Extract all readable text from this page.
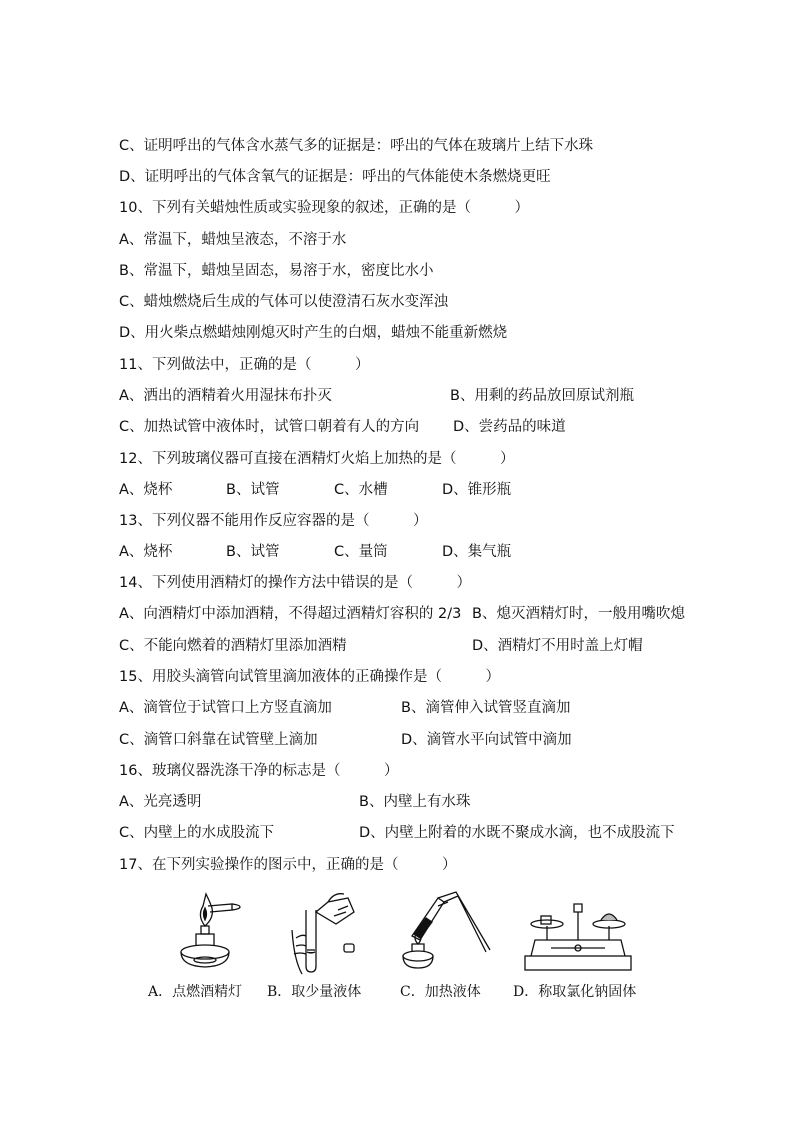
C、证明呼出的气体含水蒸气多的证据是：呼出的气体在玻璃片上结下水珠
D、证明呼出的气体含氧气的证据是：呼出的气体能使木条燃烧更旺
10、下列有关蜡烛性质或实验现象的叙述，正确的是（　　　）
A、常温下，蜡烛呈液态，不溶于水
B、常温下，蜡烛呈固态，易溶于水，密度比水小
C、蜡烛燃烧后生成的气体可以使澄清石灰水变浑浊
D、用火柴点燃蜡烛刚熄灭时产生的白烟，蜡烛不能重新燃烧
11、下列做法中，正确的是（　　　）
A、洒出的酒精着火用湿抹布扑灭	B、用剩的药品放回原试剂瓶
C、加热试管中液体时，试管口朝着有人的方向 D、尝药品的味道
12、下列玻璃仪器可直接在酒精灯火焰上加热的是（　　　）
A、烧杯	B、试管	C、水槽	D、锥形瓶
13、下列仪器不能用作反应容器的是（　　　）
A、烧杯	B、试管	C、量筒	D、集气瓶
14、下列使用酒精灯的操作方法中错误的是（　　　）
A、向酒精灯中添加酒精，不得超过酒精灯容积的 2/3 B、熄灭酒精灯时，一般用嘴吹熄
C、不能向燃着的酒精灯里添加酒精	D、酒精灯不用时盖上灯帽
15、用胶头滴管向试管里滴加液体的正确操作是（　　　）
A、滴管位于试管口上方竖直滴加	B、滴管伸入试管竖直滴加
C、滴管口斜靠在试管壁上滴加	D、滴管水平向试管中滴加
16、玻璃仪器洗涤干净的标志是（　　　）
A、光亮透明	B、内壁上有水珠
C、内壁上的水成股流下	D、内壁上附着的水既不聚成水滴，也不成股流下
17、在下列实验操作的图示中，正确的是（　　　）
A．点燃酒精灯 B．取少量液体	C．加热液体 D．称取氯化钠固体
